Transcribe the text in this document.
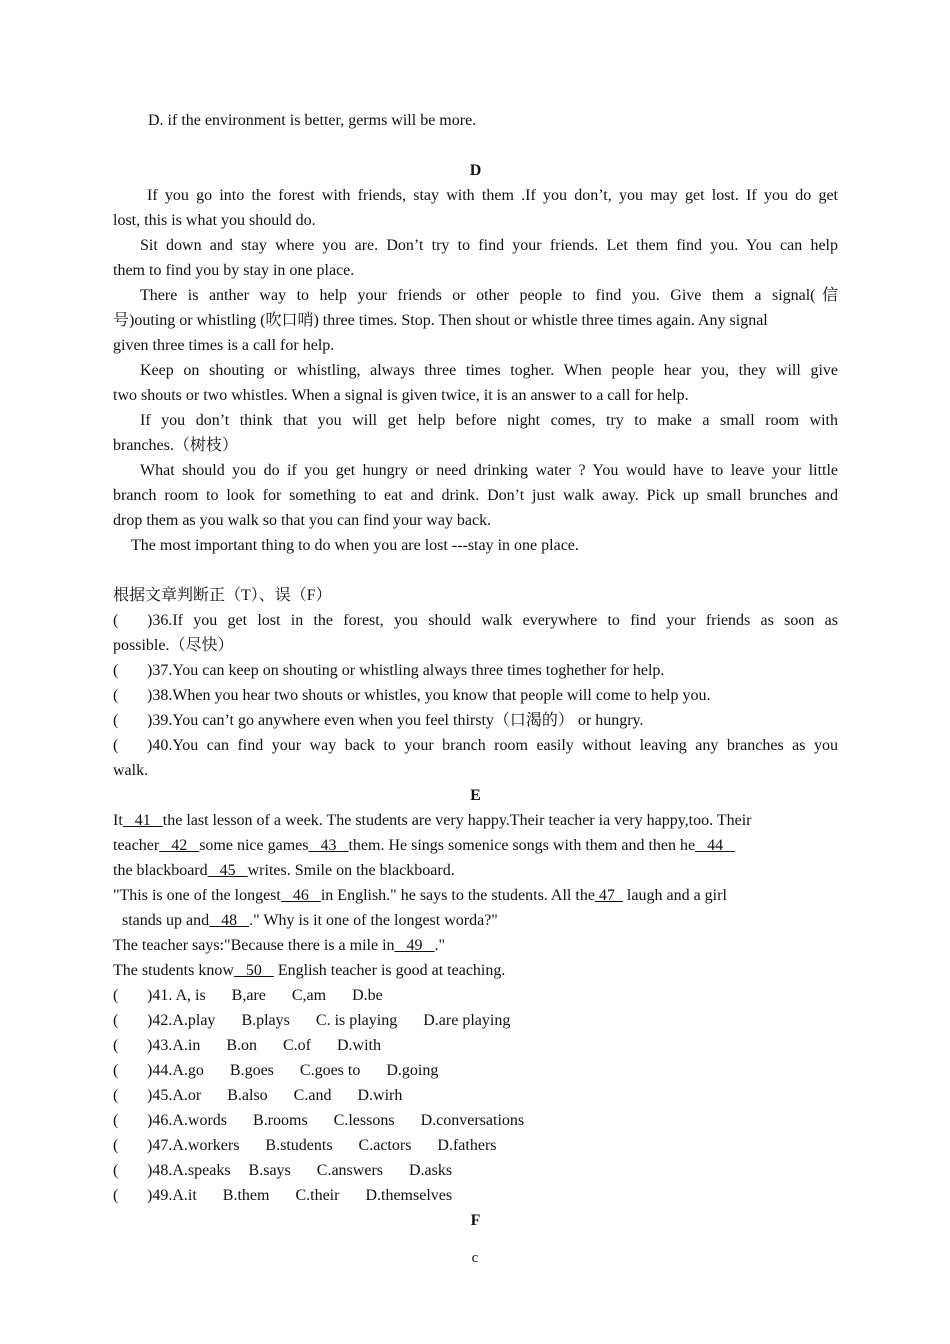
D. if the environment is better, germs will be more.
D
If you go into the forest with friends, stay with them .If you don’t, you may get lost. If you do get
lost, this is what you should do.
Sit down and stay where you are. Don’t try to find your friends. Let them find you. You can help
them to find you by stay in one place.
There is anther way to help your friends or other people to find you. Give them a signal(信
号)outing or whistling (吹口哨) three times. Stop. Then shout or whistle three times again. Any signal
given three times is a call for help.
Keep on shouting or whistling, always three times togher. When people hear you, they will give
two shouts or two whistles. When a signal is given twice, it is an answer to a call for help.
If you don’t think that you will get help before night comes, try to make a small room with
branches.（树枝）
What should you do if you get hungry or need drinking water ? You would have to leave your little
branch room to look for something to eat and drink. Don’t just walk away. Pick up small brunches and
drop them as you walk so that you can find your way back.
The most important thing to do when you are lost ---stay in one place.
根据文章判断正（T）、误（F）
(	)36.If you get lost in the forest, you should walk everywhere to find your friends as soon as
possible.（尽快）
(	)37.You can keep on shouting or whistling always three times toghether for help.
(	)38.When you hear two shouts or whistles, you know that people will come to help you.
(	)39.You can’t go anywhere even when you feel thirsty（口渴的） or hungry.
(	)40.You can find your way back to your branch room easily without leaving any branches as you
walk.
E
It   41   the last lesson of a week. The students are very happy.Their teacher ia very happy,too. Their
teacher   42   some nice games   43   them. He sings somenice songs with them and then he   44
the blackboard   45   writes. Smile on the blackboard.
"This is one of the longest   46   in English." he says to the students. All the 47   laugh and a girl
stands up and   48   ." Why is it one of the longest worda?"
The teacher says:"Because there is a mile in   49   ."
The students know   50    English teacher is good at teaching.
(	)41. A, is B,are C,am D.be
(	)42.A.play B.plays C. is playing D.are playing
(	)43.A.in B.on C.of D.with
(	)44.A.go B.goes C.goes to D.going
(	)45.A.or B.also C.and D.wirh
(	)46.A.words B.rooms C.lessons D.conversations
(	)47.A.workers B.students C.actors D.fathers
(	)48.A.speaks B.says C.answers D.asks
(	)49.A.it B.them C.their D.themselves
F
c
